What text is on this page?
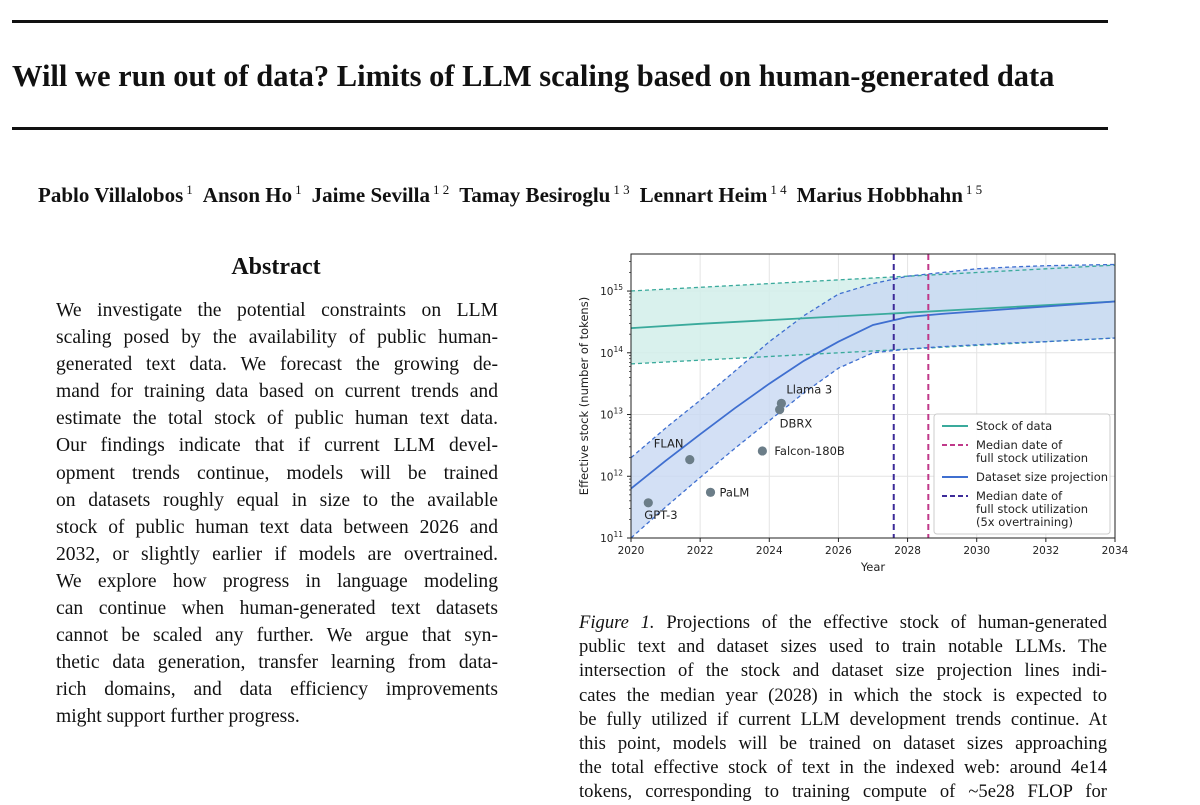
Will we run out of data? Limits of LLM scaling based on human-generated data
Pablo Villalobos $^1$ Anson Ho $^1$ Jaime Sevilla $^{1 2}$ Tamay Besiroglu $^{1 3}$ Lennart Heim $^{1 4}$ Marius Hobbhahn $^{1 5}$
Abstract
We investigate the potential constraints on LLM
scaling posed by the availability of public human-
generated text data. We forecast the growing de-
mand for training data based on current trends and
estimate the total stock of public human text data.
Our findings indicate that if current LLM devel-
opment trends continue, models will be trained
on datasets roughly equal in size to the available
stock of public human text data between 2026 and
2032, or slightly earlier if models are overtrained.
We explore how progress in language modeling
can continue when human-generated text datasets
cannot be scaled any further. We argue that syn-
thetic data generation, transfer learning from data-
rich domains, and data efficiency improvements
might support further progress.
GPT-3
FLAN
PaLM
Falcon-180B
DBRX
Llama 3
2020	2022	2024	2026	2028	2030	2032	2034
$10^{11}$
$10^{12}$
$10^{13}$
$10^{14}$
$10^{15}$
Year
Effective stock (number of tokens)	Stock of data
Median date of
full stock utilization
Dataset size projection
Median date of
full stock utilization
(5x overtraining)
Figure 1. Projections of the effective stock of human-generated
public text and dataset sizes used to train notable LLMs. The
intersection of the stock and dataset size projection lines indi-
cates the median year (2028) in which the stock is expected to
be fully utilized if current LLM development trends continue. At
this point, models will be trained on dataset sizes approaching
the total effective stock of text in the indexed web: around 4e14
tokens, corresponding to training compute of ~5e28 FLOP for
